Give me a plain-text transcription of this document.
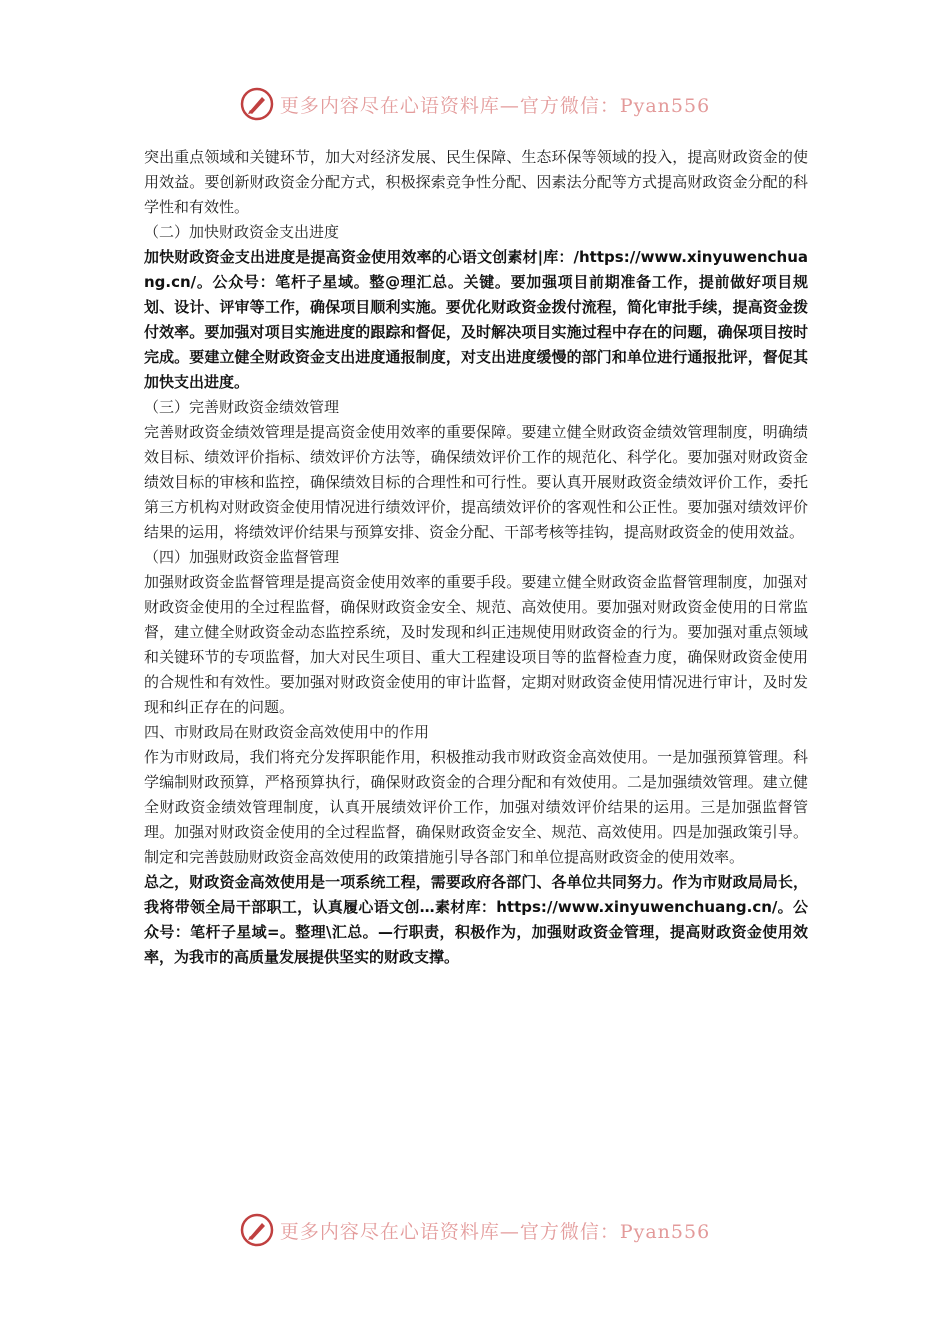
更多内容尽在心语资料库—官方微信：Pyan556

突出重点领域和关键环节，加大对经济发展、民生保障、生态环保等领域的投入，提高财政资金的使用效益。要创新财政资金分配方式，积极探索竞争性分配、因素法分配等方式提高财政资金分配的科学性和有效性。

（二）加快财政资金支出进度

加快财政资金支出进度是提高资金使用效率的心语文创素材|库：/https://www.xinyuwenchuang.cn/。公众号：笔杆子星域。整@理汇总。关键。要加强项目前期准备工作，提前做好项目规划、设计、评审等工作，确保项目顺利实施。要优化财政资金拨付流程，简化审批手续，提高资金拨付效率。要加强对项目实施进度的跟踪和督促，及时解决项目实施过程中存在的问题，确保项目按时完成。要建立健全财政资金支出进度通报制度，对支出进度缓慢的部门和单位进行通报批评，督促其加快支出进度。

（三）完善财政资金绩效管理

完善财政资金绩效管理是提高资金使用效率的重要保障。要建立健全财政资金绩效管理制度，明确绩效目标、绩效评价指标、绩效评价方法等，确保绩效评价工作的规范化、科学化。要加强对财政资金绩效目标的审核和监控，确保绩效目标的合理性和可行性。要认真开展财政资金绩效评价工作，委托第三方机构对财政资金使用情况进行绩效评价，提高绩效评价的客观性和公正性。要加强对绩效评价结果的运用，将绩效评价结果与预算安排、资金分配、干部考核等挂钩，提高财政资金的使用效益。

（四）加强财政资金监督管理

加强财政资金监督管理是提高资金使用效率的重要手段。要建立健全财政资金监督管理制度，加强对财政资金使用的全过程监督，确保财政资金安全、规范、高效使用。要加强对财政资金使用的日常监督，建立健全财政资金动态监控系统，及时发现和纠正违规使用财政资金的行为。要加强对重点领域和关键环节的专项监督，加大对民生项目、重大工程建设项目等的监督检查力度，确保财政资金使用的合规性和有效性。要加强对财政资金使用的审计监督，定期对财政资金使用情况进行审计，及时发现和纠正存在的问题。

四、市财政局在财政资金高效使用中的作用

作为市财政局，我们将充分发挥职能作用，积极推动我市财政资金高效使用。一是加强预算管理。科学编制财政预算，严格预算执行，确保财政资金的合理分配和有效使用。二是加强绩效管理。建立健全财政资金绩效管理制度，认真开展绩效评价工作，加强对绩效评价结果的运用。三是加强监督管理。加强对财政资金使用的全过程监督，确保财政资金安全、规范、高效使用。四是加强政策引导。制定和完善鼓励财政资金高效使用的政策措施引导各部门和单位提高财政资金的使用效率。

总之，财政资金高效使用是一项系统工程，需要政府各部门、各单位共同努力。作为市财政局局长，我将带领全局干部职工，认真履心语文创…素材库：https://www.xinyuwenchuang.cn/。公众号：笔杆子星域=。整理\汇总。—行职责，积极作为，加强财政资金管理，提高财政资金使用效率，为我市的高质量发展提供坚实的财政支撑。

更多内容尽在心语资料库—官方微信：Pyan556
